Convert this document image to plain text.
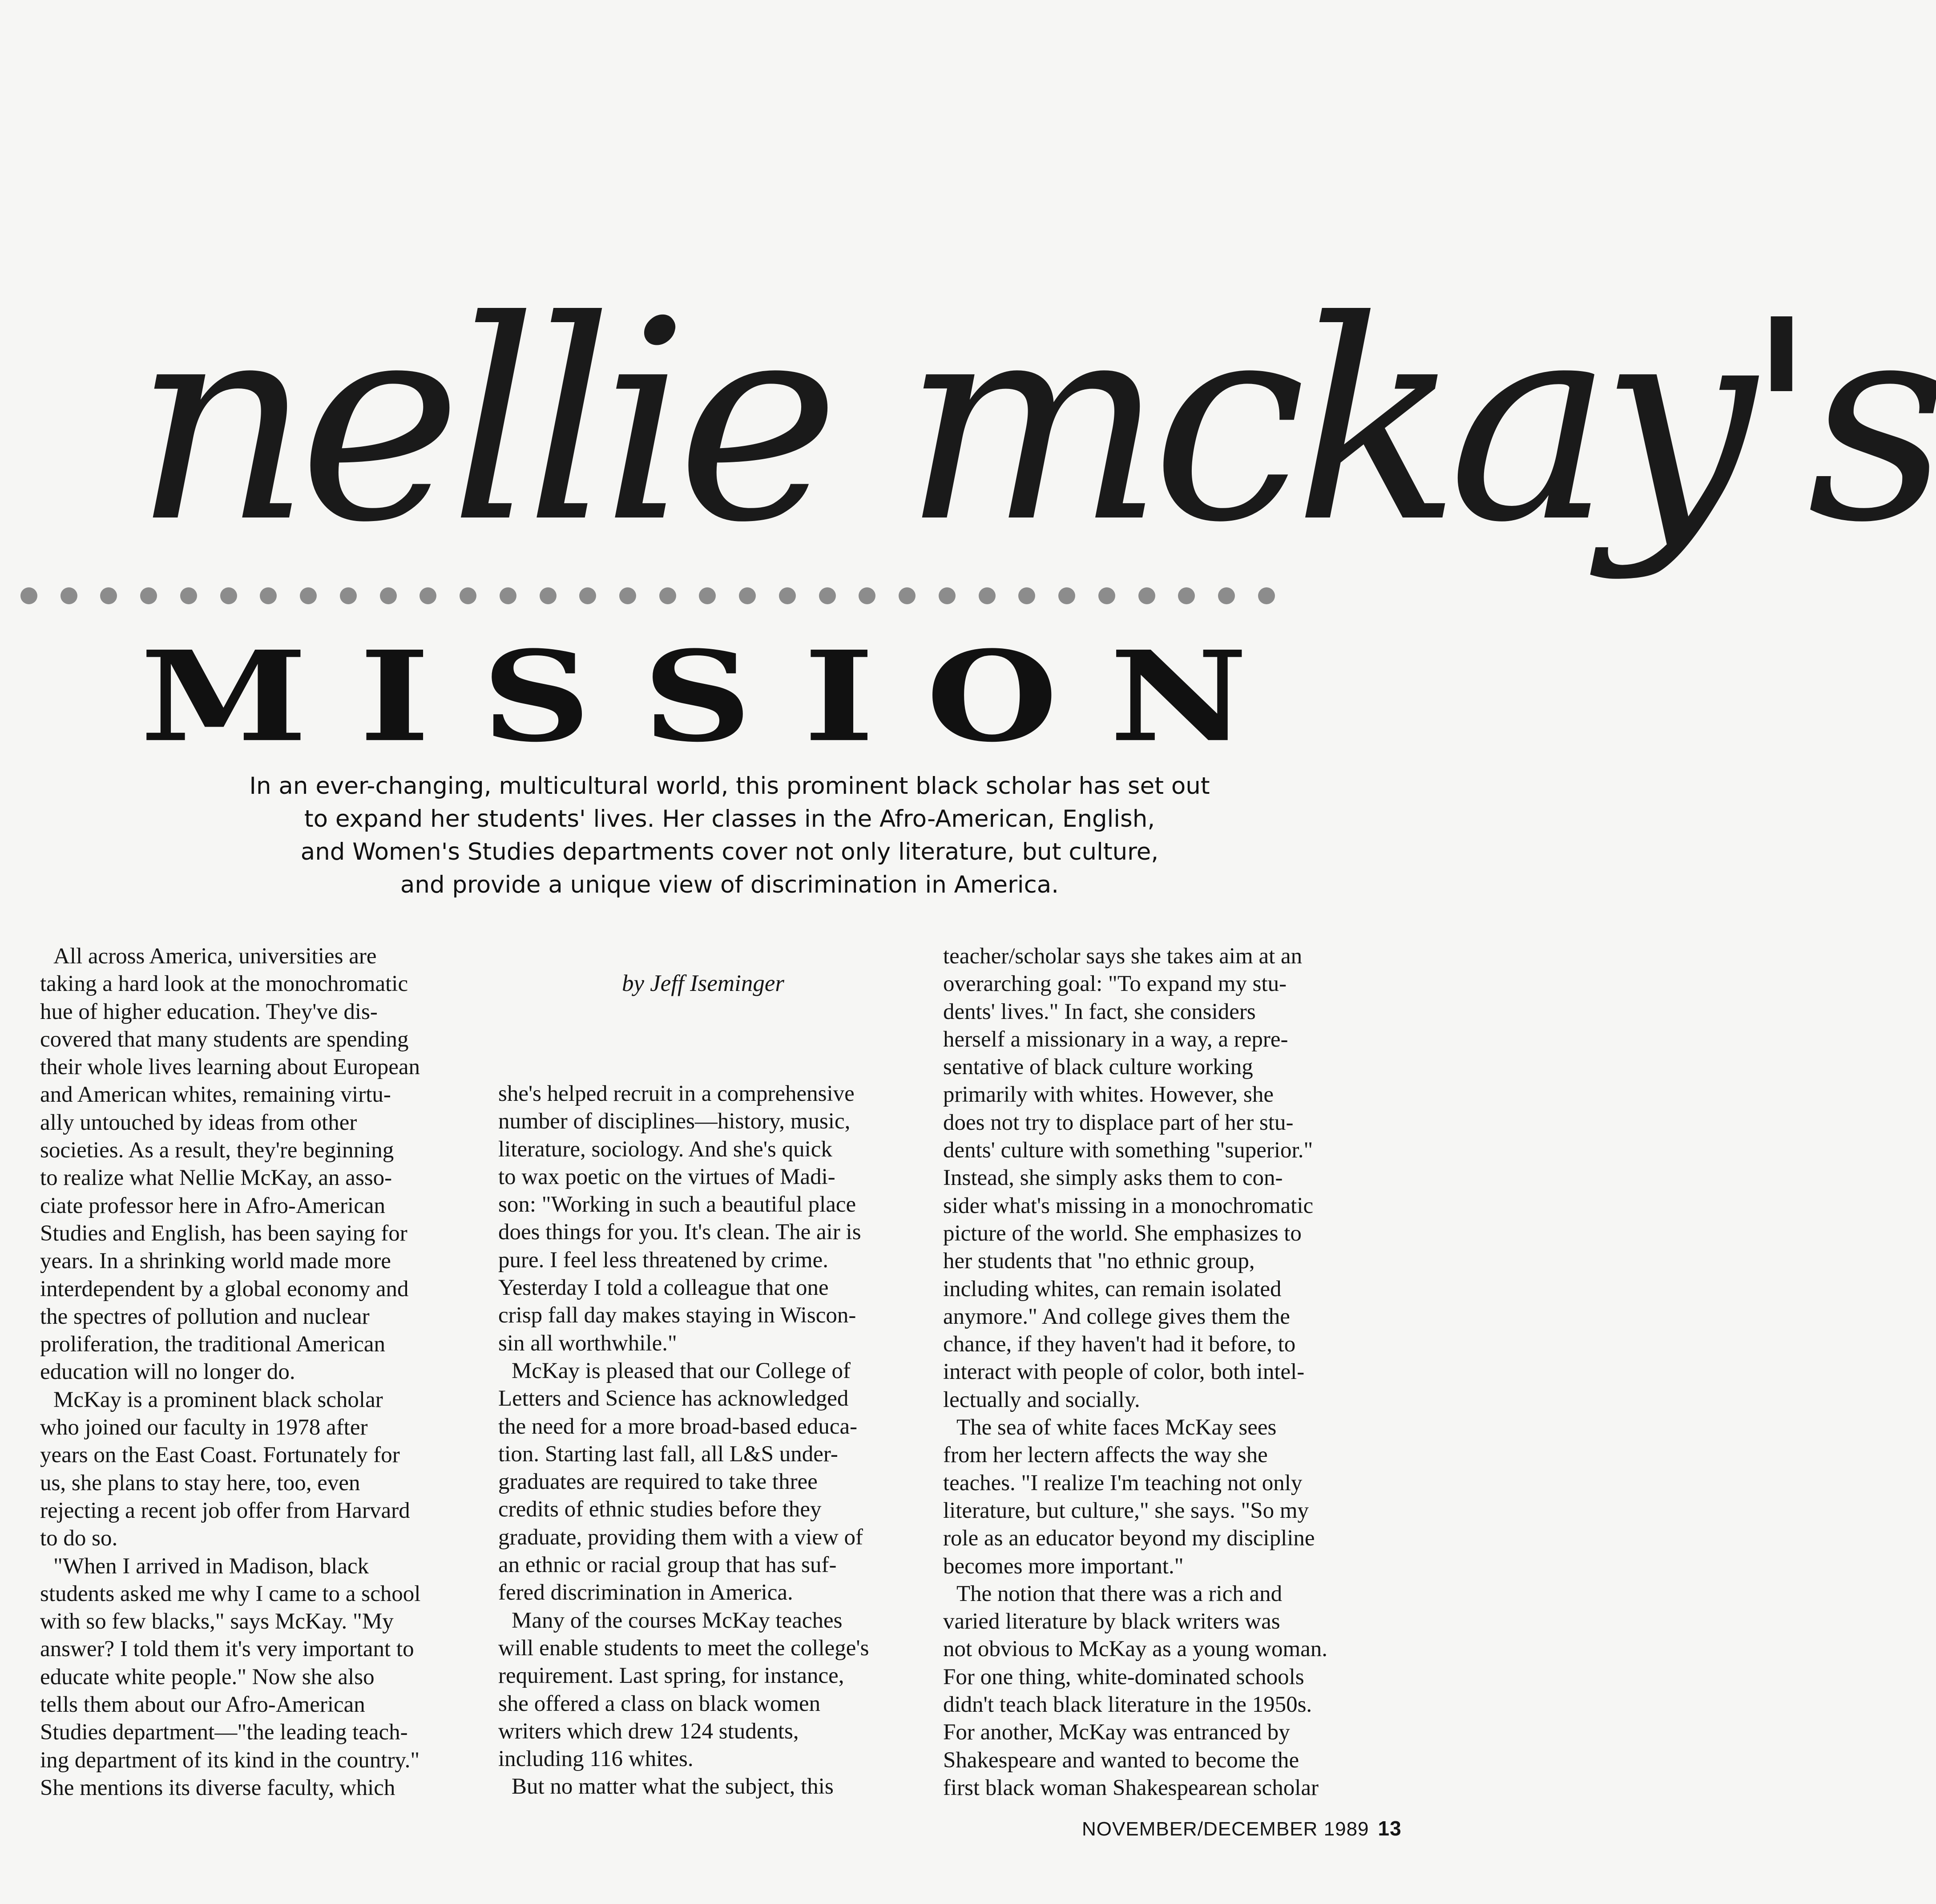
nellie mckay's
M I S S I O N
In an ever-changing, multicultural world, this prominent black scholar has set out
to expand her students' lives. Her classes in the Afro-American, English,
and Women's Studies departments cover not only literature, but culture,
and provide a unique view of discrimination in America.
by Jeff Iseminger
All across America, universities are
taking a hard look at the monochromatic
hue of higher education. They've dis-
covered that many students are spending
their whole lives learning about European
and American whites, remaining virtu-
ally untouched by ideas from other
societies. As a result, they're beginning
to realize what Nellie McKay, an asso-
ciate professor here in Afro-American
Studies and English, has been saying for
years. In a shrinking world made more
interdependent by a global economy and
the spectres of pollution and nuclear
proliferation, the traditional American
education will no longer do.
McKay is a prominent black scholar
who joined our faculty in 1978 after
years on the East Coast. Fortunately for
us, she plans to stay here, too, even
rejecting a recent job offer from Harvard
to do so.
"When I arrived in Madison, black
students asked me why I came to a school
with so few blacks," says McKay. "My
answer? I told them it's very important to
educate white people." Now she also
tells them about our Afro-American
Studies department—"the leading teach-
ing department of its kind in the country."
She mentions its diverse faculty, which
she's helped recruit in a comprehensive
number of disciplines—history, music,
literature, sociology. And she's quick
to wax poetic on the virtues of Madi-
son: "Working in such a beautiful place
does things for you. It's clean. The air is
pure. I feel less threatened by crime.
Yesterday I told a colleague that one
crisp fall day makes staying in Wiscon-
sin all worthwhile."
McKay is pleased that our College of
Letters and Science has acknowledged
the need for a more broad-based educa-
tion. Starting last fall, all L&S under-
graduates are required to take three
credits of ethnic studies before they
graduate, providing them with a view of
an ethnic or racial group that has suf-
fered discrimination in America.
Many of the courses McKay teaches
will enable students to meet the college's
requirement. Last spring, for instance,
she offered a class on black women
writers which drew 124 students,
including 116 whites.
But no matter what the subject, this
teacher/scholar says she takes aim at an
overarching goal: "To expand my stu-
dents' lives." In fact, she considers
herself a missionary in a way, a repre-
sentative of black culture working
primarily with whites. However, she
does not try to displace part of her stu-
dents' culture with something "superior."
Instead, she simply asks them to con-
sider what's missing in a monochromatic
picture of the world. She emphasizes to
her students that "no ethnic group,
including whites, can remain isolated
anymore." And college gives them the
chance, if they haven't had it before, to
interact with people of color, both intel-
lectually and socially.
The sea of white faces McKay sees
from her lectern affects the way she
teaches. "I realize I'm teaching not only
literature, but culture," she says. "So my
role as an educator beyond my discipline
becomes more important."
The notion that there was a rich and
varied literature by black writers was
not obvious to McKay as a young woman.
For one thing, white-dominated schools
didn't teach black literature in the 1950s.
For another, McKay was entranced by
Shakespeare and wanted to become the
first black woman Shakespearean scholar
NOVEMBER/DECEMBER 1989 13
